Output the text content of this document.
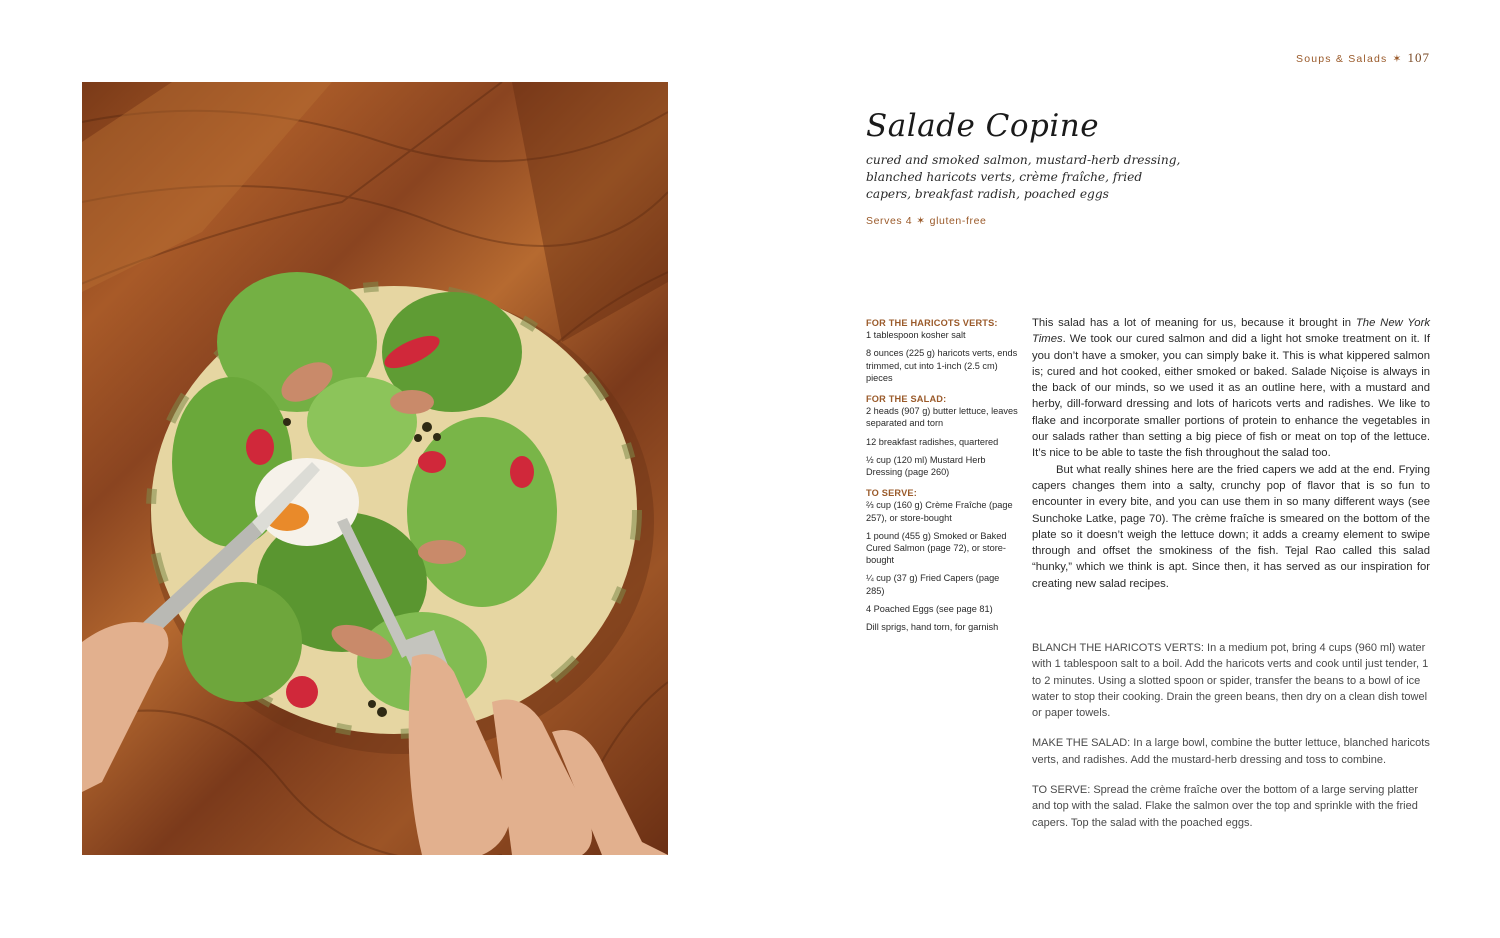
Soups & Salads ✶ 107
Salade Copine
cured and smoked salmon, mustard-herb dressing, blanched haricots verts, crème fraîche, fried capers, breakfast radish, poached eggs
Serves 4 ✶ gluten-free
FOR THE HARICOTS VERTS:
1 tablespoon kosher salt
8 ounces (225 g) haricots verts, ends trimmed, cut into 1-inch (2.5 cm) pieces
FOR THE SALAD:
2 heads (907 g) butter lettuce, leaves separated and torn
12 breakfast radishes, quartered
½ cup (120 ml) Mustard Herb Dressing (page 260)
TO SERVE:
⅔ cup (160 g) Crème Fraîche (page 257), or store-bought
1 pound (455 g) Smoked or Baked Cured Salmon (page 72), or store-bought
¼ cup (37 g) Fried Capers (page 285)
4 Poached Eggs (see page 81)
Dill sprigs, hand torn, for garnish

This salad has a lot of meaning for us, because it brought in The New York Times. We took our cured salmon and did a light hot smoke treatment on it. If you don’t have a smoker, you can simply bake it. This is what kippered salmon is; cured and hot cooked, either smoked or baked. Salade Niçoise is always in the back of our minds, so we used it as an outline here, with a mustard and herby, dill-forward dressing and lots of haricots verts and radishes. We like to flake and incorporate smaller portions of protein to enhance the vegetables in our salads rather than setting a big piece of fish or meat on top of the lettuce. It’s nice to be able to taste the fish throughout the salad too.

But what really shines here are the fried capers we add at the end. Frying capers changes them into a salty, crunchy pop of flavor that is so fun to encounter in every bite, and you can use them in so many different ways (see Sunchoke Latke, page 70). The crème fraîche is smeared on the bottom of the plate so it doesn’t weigh the lettuce down; it adds a creamy element to swipe through and offset the smokiness of the fish. Tejal Rao called this salad “hunky,” which we think is apt. Since then, it has served as our inspiration for creating new salad recipes.

BLANCH THE HARICOTS VERTS: In a medium pot, bring 4 cups (960 ml) water with 1 tablespoon salt to a boil. Add the haricots verts and cook until just tender, 1 to 2 minutes. Using a slotted spoon or spider, transfer the beans to a bowl of ice water to stop their cooking. Drain the green beans, then dry on a clean dish towel or paper towels.

MAKE THE SALAD: In a large bowl, combine the butter lettuce, blanched haricots verts, and radishes. Add the mustard-herb dressing and toss to combine.

TO SERVE: Spread the crème fraîche over the bottom of a large serving platter and top with the salad. Flake the salmon over the top and sprinkle with the fried capers. Top the salad with the poached eggs.
